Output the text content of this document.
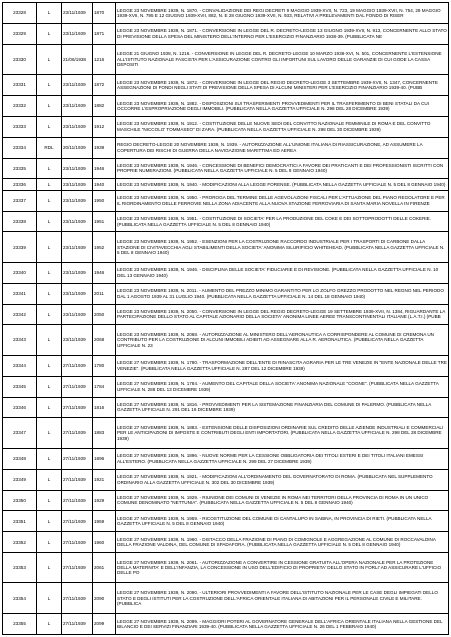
23328	L	23/11/1939	1870	LEGGE 23 NOVEMBRE 1939, N. 1870. - CONVALIDAZIONE DEI REGI DECRETI 9 MAGGIO 1939-XVII, N. 723, 19 MAGGIO 1939-XVII, N. 754, 29 MAGGIO 1939-XVII, N. 795 E 12 GIUGNO 1939-XVII, 882, N. E 28 GIUGNO 1939-XVII, N. 933, RELATIVI A PRELEVAMENTI DAL FONDO DI RISER
23329	L	23/11/1939	1871	LEGGE 23 NOVEMBRE 1939, N. 1871. - CONVERSIONE IN LEGGE DEL R. DECRETO-LEGGE 13 GIUGNO 1939-XVII, N. 913, CONCERNENTE ALLO STATO DI PREVISIONE DELLA SPESA DEL MINISTERO DELL'INTERNO PER L'ESERCIZIO FINANZIARIO 1938-39. (PUBBLICATA NE
23330	L	21/06/1938	1216	LEGGE 21 GIUGNO 1938, N. 1216. - CONVERSIONE IN LEGGE DEL R. DECRETO-LEGGE 10 MARZO 1938-XVI, N. 501, CONCERNENTE L'ESTENSIONE ALL'ISTITUTO NAZIONALE FASCISTA PER L'ASSICURAZIONE CONTRO GLI INFORTUNI SUL LAVORO DELLE GARANZIE DI CUI GODE LA CASSA DEPOSITI
23331	L	23/11/1939	1872	LEGGE 23 NOVEMBRE 1939, N. 1872. - CONVERSIONE IN LEGGE DEL REGIO DECRETO-LEGGE 3 SETTEMBRE 1939-XVII, N. 1347, CONCERNENTE ASSEGNAZIONI DI FONDI NEGLI STATI DI PREVISIONE DELLA SPESA DI ALCUNI MINISTERI PER L'ESERCIZIO FINANZIARIO 1939-40. (PUBB
23332	L	23/11/1939	1882	LEGGE 23 NOVEMBRE 1939, N. 1882. - DISPOSIZIONI SUI TRASFERIMENTI PROVVEDIMENTI PER IL TRASFERIMENTO DI BENI STATALI DA CUI OCCORRE L'ESPROPRIAZIONE DEGLI IMMOBILI. (PUBBLICATA NELLA GAZZETTA UFFICIALE N. 298 DEL 28 DICEMBRE 1939)
23333	L	23/11/1939	1912	LEGGE 23 NOVEMBRE 1939, N. 1912. - COSTITUZIONE DELLE NUOVE SEDI DEL CONVITTO NAZIONALE FEMMINILE DI ROMA E DEL CONVITTO MASCHILE "NICCOLO' TOMMASEO" DI ZARA. (PUBBLICATA NELLA GAZZETTA UFFICIALE N. 298 DEL 30 DICEMBRE 1939)
23334	RDL	20/11/1939	1939	REGIO DECRETO-LEGGE 20 NOVEMBRE 1939, N. 1939. - AUTORIZZAZIONE ALL'UNIONE ITALIANA DI RIASSICURAZIONE, AD ASSUMERE LA COPERTURA DEI RISCHI DI GUERRA DELLA NAVIGAZIONE MARITTIMA ED AEREA
23335	L	23/11/1939	1946	LEGGE 23 NOVEMBRE 1939, N. 1946. - CONCESSIONE DI BENEFICI DEMOCRATICI A FAVORE DEI PRATICANTI E DEI PROFESSIONISTI ISCRITTI CON PROPRIE NUMERAZIONI. (PUBBLICATA NELLA GAZZETTA UFFICIALE N. 5 DEL 8 GENNAIO 1940)
23336	L	23/11/1939	1940	LEGGE 23 NOVEMBRE 1939, N. 1940. - MODIFICAZIONI ALLA LEGGE FORENSE. (PUBBLICATA NELLA GAZZETTA UFFICIALE N. 5 DEL 8 GENNAIO 1940)
23337	L	23/11/1939	1950	LEGGE 23 NOVEMBRE 1939, N. 1950. - PROROGA DEL TERMINE DELLE AGEVOLAZIONI FISCALI PER L'ATTUAZIONE DEL PIANO REGOLATORE E PER IL RIORDINAMENTO DELLE FERROVIE NELLA ZONA ADIACENTE ALLA NUOVA STAZIONE FERROVIARIA DI SANTA MARIA NOVELLA IN FIRENZE
23338	L	23/11/1939	1951	LEGGE 23 NOVEMBRE 1939, N. 1951. - COSTITUZIONE DI SOCIETA' PER LA PRODUZIONE DEL COKE E DEI SOTTOPRODOTTI DELLE COKERIE. (PUBBLICATA NELLA GAZZETTA UFFICIALE N. 5 DEL 8 GENNAIO 1940)
23339	L	23/11/1939	1952	LEGGE 23 NOVEMBRE 1939, N. 1952. - ESENZIONI PER LA COSTRUZIONE RACCORDO INDUSTRIALE PER I TRASPORTI DI CARBONE DALLA STAZIONE DI CIVITAVECCHIA AGLI STABILIMENTI DELLA SOCIETA' ANONIMA SILURIFICIO WHITEHEAD. (PUBBLICATA NELLA GAZZETTA UFFICIALE N. 5 DEL 8 GENNAIO 1940)
23340	L	23/11/1939	1946	LEGGE 23 NOVEMBRE 1939, N. 1946. - DISCIPLINA DELLE SOCIETA' FIDUCIARIE E DI REVISIONE. (PUBBLICATA NELLA GAZZETTA UFFICIALE N. 10 DEL 13 GENNAIO 1940)
23341	L	23/11/1939	2011	LEGGE 23 NOVEMBRE 1939, N. 2011. - AUMENTO DEL PREZZO MINIMO GARANTITO PER LO ZOLFO GREZZO PRODOTTO NEL REGNO NEL PERIODO DAL 1 AGOSTO 1939 AL 31 LUGLIO 1940. (PUBBLICATA NELLA GAZZETTA UFFICIALE N. 14 DEL 18 GENNAIO 1940)
23342	L	23/11/1939	2050	LEGGE 23 NOVEMBRE 1939, N. 2050. - CONVERSIONE IN LEGGE DEL REGIO DECRETO-LEGGE 19 SETTEMBRE 1939-XVII, N. 1384, RIGUARDANTE LA PARTECIPAZIONE DELLO STATO AL CAPITALE AZIONARIO DELLA SOCIETA' ANONIMA LINEE AEREE TRANSCONTINENTALI ITALIANE (L.A.T.I.) (PUBB
23343	L	23/11/1939	2068	LEGGE 23 NOVEMBRE 1939, N. 2068. - AUTORIZZAZIONE AL MINISTERO DELL'AERONAUTICA A CORRISPONDERE AL COMUNE DI CREMONA UN CONTRIBUTO PER LA COSTRUZIONE DI ALCUNI IMMOBILI ADIBITI AD ASSEGNARE ALLA R. AERONAUTICA. (PUBBLICATA NELLA GAZZETTA UFFICIALE N. 23
23344	L	27/11/1939	1780	LEGGE 27 NOVEMBRE 1939, N. 1780. - TRASFORMAZIONE DELL'ENTE DI RINASCITA AGRARIA PER LE TRE VENEZIE IN "ENTE NAZIONALE DELLE TRE VENEZIE". (PUBBLICATA NELLA GAZZETTA UFFICIALE N. 287 DEL 12 DICEMBRE 1939)
23345	L	27/11/1939	1784	LEGGE 27 NOVEMBRE 1939, N. 1784. - AUMENTO DEL CAPITALE DELLA SOCIETA' ANONIMA NAZIONALE "COGNE". (PUBBLICATA NELLA GAZZETTA UFFICIALE N. 288 DEL 13 DICEMBRE 1939)
23346	L	27/11/1939	1816	LEGGE 27 NOVEMBRE 1939, N. 1816. - PROVVEDIMENTI PER LA SISTEMAZIONE FINANZIARIA DEL COMUNE DI PALERMO. (PUBBLICATA NELLA GAZZETTA UFFICIALE N. 291 DEL 16 DICEMBRE 1939)
23347	L	27/11/1939	1883	LEGGE 27 NOVEMBRE 1939, N. 1883. - ESTENSIONE DELLE DISPOSIZIONI ORDINARIE SUL CREDITO DELLE AZIENDE INDUSTRIALI E COMMERCIALI PER LE ANTICIPAZIONI DI IMPOSTE E CONTRIBUTI DEGLI ENTI IMPORTATORI. (PUBBLICATA NELLA GAZZETTA UFFICIALE N. 298 DEL 28 DICEMBRE 1939)
23348	L	27/11/1939	1896	LEGGE 27 NOVEMBRE 1939, N. 1896. - NUOVE NORME PER LA CESSIONE OBBLIGATORIA DEI TITOLI ESTERI E DEI TITOLI ITALIANI EMESSI ALL'ESTERO. (PUBBLICATA NELLA GAZZETTA UFFICIALE N. 299 DEL 27 DICEMBRE 1939)
23349	L	27/11/1939	1921	LEGGE 27 NOVEMBRE 1939, N. 1921. - MODIFICAZIONI ALL'ORDINAMENTO DEL GOVERNATORATO DI ROMA. (PUBBLICATA NEL SUPPLEMENTO ORDINARIO ALLA GAZZETTA UFFICIALE N. 302 DEL 30 DICEMBRE 1939)
23350	L	27/11/1939	1929	LEGGE 27 NOVEMBRE 1939, N. 1929. - RIUNIONE DEI COMUNI DI VENEZIE IN ROMA NEI TERRITORI DELLA PROVINCIA DI ROMA IN UN UNICO COMUNE DENOMINATO "NETTUNIA". (PUBBLICATA NELLA GAZZETTA UFFICIALE N. 5 DEL 8 GENNAIO 1940)
23351	L	27/11/1939	1959	LEGGE 27 NOVEMBRE 1939, N. 1959. - RICOSTITUZIONE DEL COMUNE DI CANTALUPO IN SABINA, IN PROVINCIA DI RIETI. (PUBBLICATA NELLA GAZZETTA UFFICIALE N. 5 DEL 8 GENNAIO 1940)
23352	L	27/11/1939	1960	LEGGE 27 NOVEMBRE 1939, N. 1960. - DISTACCO DELLA FRAZIONE DI PIANO DI COMIGNOLE E AGGREGAZIONE AL COMUNE DI ROCCAVALDINA DELLA FRAZIONE VALDINA, DEL COMUNE DI SPADAFORA. (PUBBLICATA NELLA GAZZETTA UFFICIALE N. 5 DEL 8 GENNAIO 1940)
23353	L	27/11/1939	2061	LEGGE 27 NOVEMBRE 1939, N. 2061. - AUTORIZZAZIONE A CONVERTIRE IN CESSIONE GRATUITA ALL'OPERA NAZIONALE PER LA PROTEZIONE DELLA MATERNITA' E DELL'INFANZIA, LA CONCESSIONE IN USO DELL'EDIFICIO DI PROPRIETA' DELLO STATO IN FORLI' AD ASSICURARE L'UFFICIO DELLE PO
23354	L	27/11/1939	2090	LEGGE 27 NOVEMBRE 1939, N. 2090. - ULTERIORI PROVVEDIMENTI A FAVORE DELL'ISTITUTO NAZIONALE PER LE CASE DEGLI IMPIEGATI DELLO STATO E DEGLI ISTITUTI PER LA COSTRUZIONE DELL'AFRICA ORIENTALE ITALIANA DI ABITAZIONI PER IL PERSONALE CIVILE E MILITARE. (PUBBLICA
23355	L	27/11/1939	2099	LEGGE 27 NOVEMBRE 1939, N. 2099. - MAGGIORI POTERI AL GOVERNATORE GENERALE DELL'AFRICA ORIENTALE ITALIANA NELLA GESTIONE DEL BILANCIO E DEI SERVIZI FINANZIARI 1939-40. (PUBBLICATA NELLA GAZZETTA UFFICIALE N. 26 DEL 1 FEBBRAIO 1940)
